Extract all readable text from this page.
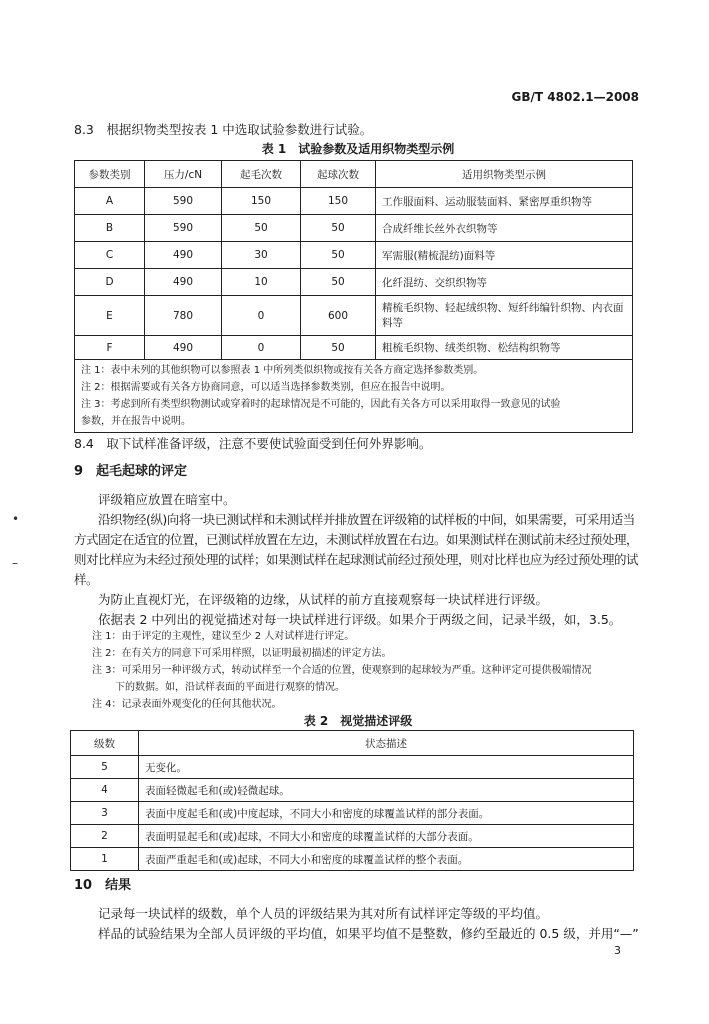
GB/T 4802.1—2008
8.3　根据织物类型按表 1 中选取试验参数进行试验。
表 1　试验参数及适用织物类型示例
参数类别	压力/cN	起毛次数	起球次数	适用织物类型示例
A	590	150	150	工作服面料、运动服装面料、紧密厚重织物等
B	590	50	50	合成纤维长丝外衣织物等
C	490	30	50	军需服(精梳混纺)面料等
D	490	10	50	化纤混纺、交织织物等
E	780	0	600	精梳毛织物、轻起绒织物、短纤纬编针织物、内衣面料等
F	490	0	50	粗梳毛织物、绒类织物、松结构织物等

注 1：表中未列的其他织物可以参照表 1 中所列类似织物或按有关各方商定选择参数类别。
注 2：根据需要或有关各方协商同意，可以适当选择参数类别，但应在报告中说明。
注 3：考虑到所有类型织物测试或穿着时的起球情况是不可能的，因此有关各方可以采用取得一致意见的试验
参数，并在报告中说明。				
8.4　取下试样准备评级，注意不要使试验面受到任何外界影响。
9　起毛起球的评定
评级箱应放置在暗室中。
沿织物经(纵)向将一块已测试样和未测试样并排放置在评级箱的试样板的中间，如果需要，可采用适当方式固定在适宜的位置，已测试样放置在左边，未测试样放置在右边。如果测试样在测试前未经过预处理，则对比样应为未经过预处理的试样；如果测试样在起球测试前经过预处理，则对比样也应为经过预处理的试样。
为防止直视灯光，在评级箱的边缘，从试样的前方直接观察每一块试样进行评级。
依据表 2 中列出的视觉描述对每一块试样进行评级。如果介于两级之间，记录半级，如，3.5。
注 1：由于评定的主观性，建议至少 2 人对试样进行评定。
注 2：在有关方的同意下可采用样照，以证明最初描述的评定方法。
注 3：可采用另一种评级方式，转动试样至一个合适的位置，使观察到的起球较为严重。这种评定可提供极端情况
下的数据。如，沿试样表面的平面进行观察的情况。
注 4：记录表面外观变化的任何其他状况。
表 2　视觉描述评级
级数	状态描述
5	无变化。
4	表面轻微起毛和(或)轻微起球。
3	表面中度起毛和(或)中度起球，不同大小和密度的球覆盖试样的部分表面。
2	表面明显起毛和(或)起球，不同大小和密度的球覆盖试样的大部分表面。
1	表面严重起毛和(或)起球，不同大小和密度的球覆盖试样的整个表面。
10　结果
记录每一块试样的级数，单个人员的评级结果为其对所有试样评定等级的平均值。
样品的试验结果为全部人员评级的平均值，如果平均值不是整数，修约至最近的 0.5 级，并用“—”
3
•
–
